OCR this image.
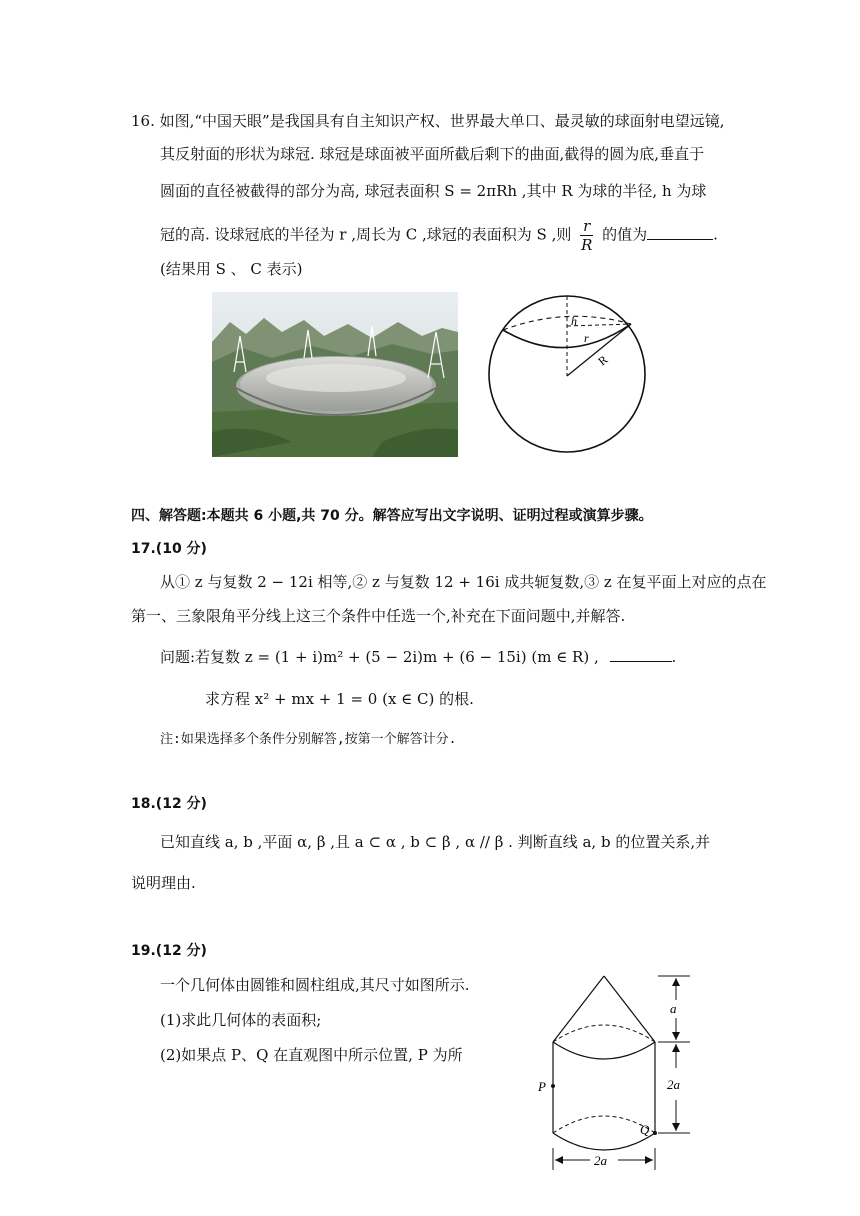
16. 如图,“中国天眼”是我国具有自主知识产权、世界最大单口、最灵敏的球面射电望远镜,
其反射面的形状为球冠. 球冠是球面被平面所截后剩下的曲面,截得的圆为底,垂直于
圆面的直径被截得的部分为高, 球冠表面积 S = 2πRh ,其中 R 为球的半径, h 为球
冠的高. 设球冠底的半径为 r ,周长为 C ,球冠的表面积为 S ,则 $\frac{r}{R}$ 的值为	.
(结果用 S 、 C 表示)
h
r
R
四、解答题:本题共 6 小题,共 70 分。解答应写出文字说明、证明过程或演算步骤。
17.(10 分)
从① z 与复数 2 − 12i 相等,② z 与复数 12 + 16i 成共轭复数,③ z 在复平面上对应的点在
第一、三象限角平分线上这三个条件中任选一个,补充在下面问题中,并解答.
问题:若复数 z = (1 + i)m² + (5 − 2i)m + (6 − 15i) (m ∈ R) ,	.
求方程 x² + mx + 1 = 0 (x ∈ C) 的根.
注:如果选择多个条件分别解答,按第一个解答计分.
18.(12 分)
已知直线 a, b ,平面 α, β ,且 a ⊂ α , b ⊂ β , α // β . 判断直线 a, b 的位置关系,并
说明理由.
19.(12 分)
一个几何体由圆锥和圆柱组成,其尺寸如图所示.
(1)求此几何体的表面积;
(2)如果点 P、Q 在直观图中所示位置, P 为所
P
Q
a
2a
2a
